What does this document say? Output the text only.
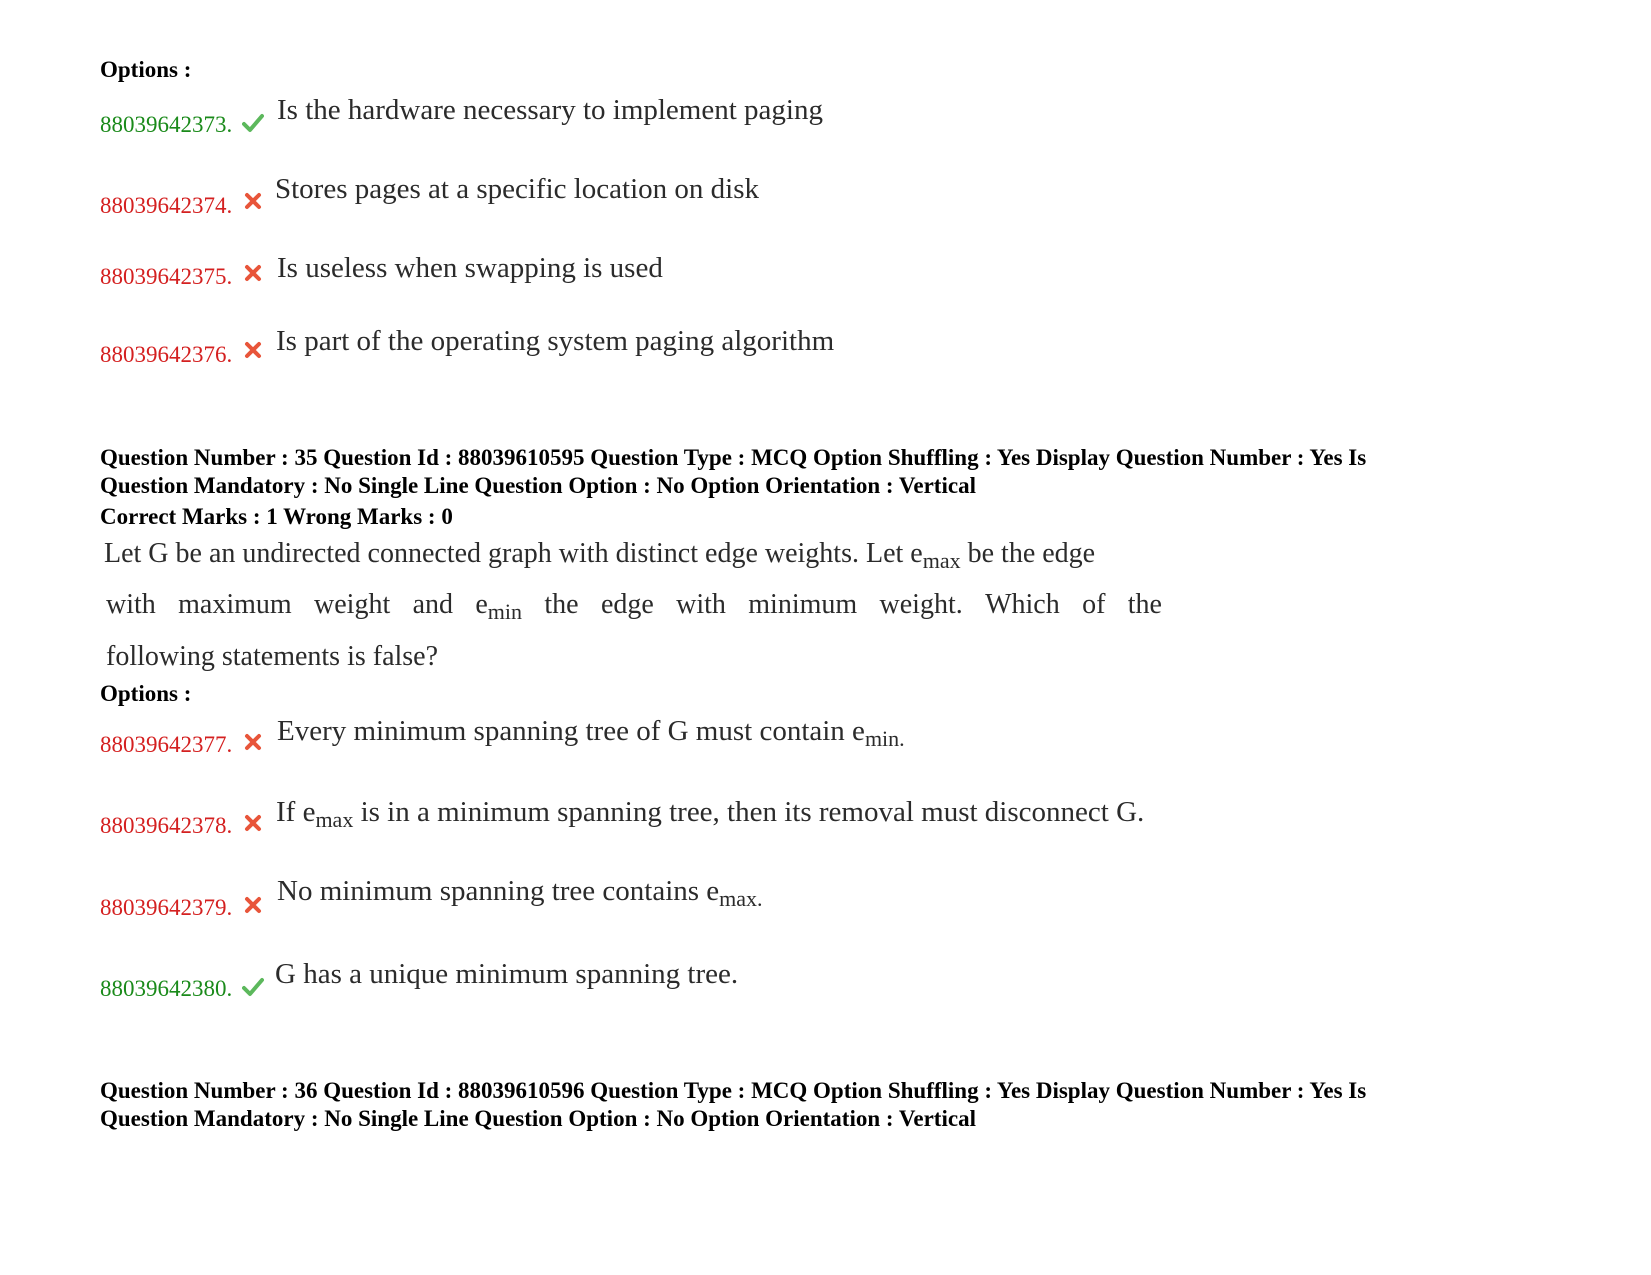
Options :
88039642373. Is the hardware necessary to implement paging
88039642374.
Stores pages at a specific location on disk
88039642375. Is useless when swapping is used
88039642376. Is part of the operating system paging algorithm
Question Number : 35 Question Id : 88039610595 Question Type : MCQ Option Shuffling : Yes Display Question Number : Yes Is
Question Mandatory : No Single Line Question Option : No Option Orientation : Vertical
Correct Marks : 1 Wrong Marks : 0
Let G be an undirected connected graph with distinct edge weights. Let $e_{max}$ be the edge
with maximum weight and $e_{min}$ the edge with minimum weight. Which of the
following statements is false?
Options :
88039642377. Every minimum spanning tree of G must contain $e_{min.}$
88039642378. If $e_{max}$ is in a minimum spanning tree, then its removal must disconnect G.
88039642379.
No minimum spanning tree contains $e_{max.}$
88039642380. G has a unique minimum spanning tree.
Question Number : 36 Question Id : 88039610596 Question Type : MCQ Option Shuffling : Yes Display Question Number : Yes Is
Question Mandatory : No Single Line Question Option : No Option Orientation : Vertical
